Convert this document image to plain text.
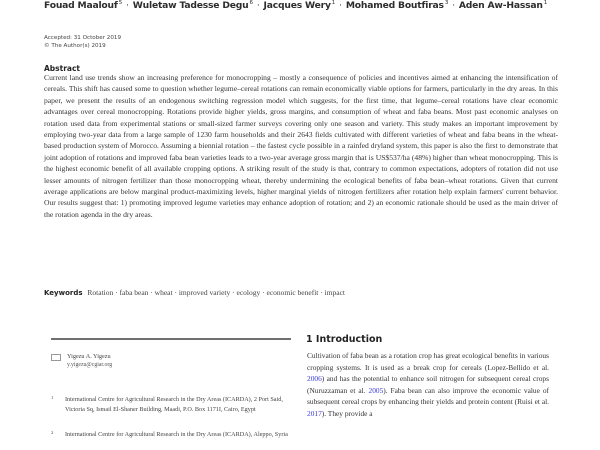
Fouad Maalouf$^5$ · Wuletaw Tadesse Degu$^6$ · Jacques Wery$^1$ · Mohamed Boutfiras$^3$ · Aden Aw-Hassan$^1$
Accepted: 31 October 2019
© The Author(s) 2019
Abstract
Current land use trends show an increasing preference for monocropping – mostly a consequence of policies and incentives aimed at enhancing the intensification of cereals. This shift has caused some to question whether legume–cereal rotations can remain economically viable options for farmers, particularly in the dry areas. In this paper, we present the results of an endogenous switching regression model which suggests, for the first time, that legume–cereal rotations have clear economic advantages over cereal monocropping. Rotations provide higher yields, gross margins, and consumption of wheat and faba beans. Most past economic analyses on rotation used data from experimental stations or small-sized farmer surveys covering only one season and variety. This study makes an important improvement by employing two-year data from a large sample of 1230 farm households and their 2643 fields cultivated with different varieties of wheat and faba beans in the wheat-based production system of Morocco. Assuming a biennial rotation – the fastest cycle possible in a rainfed dryland system, this paper is also the first to demonstrate that joint adoption of rotations and improved faba bean varieties leads to a two-year average gross margin that is US$537/ha (48%) higher than wheat monocropping. This is the highest economic benefit of all available cropping options. A striking result of the study is that, contrary to common expectations, adopters of rotation did not use lesser amounts of nitrogen fertilizer than those monocropping wheat, thereby undermining the ecological benefits of faba bean–wheat rotations. Given that current average applications are below marginal product-maximizing levels, higher marginal yields of nitrogen fertilizers after rotation help explain farmers' current behavior. Our results suggest that: 1) promoting improved legume varieties may enhance adoption of rotation; and 2) an economic rationale should be used as the main driver of the rotation agenda in the dry areas.
Keywords Rotation · faba bean · wheat · improved variety · ecology · economic benefit · impact
Yigezu A. Yigezu
y.yigezu@cgiar.org
1 International Centre for Agricultural Research in the Dry Areas (ICARDA), 2 Port Said, Victoria Sq, Ismail El-Shaner Building, Maadi, P.O. Box 1171I, Cairo, Egypt
2 International Centre for Agricultural Research in the Dry Areas (ICARDA), Aleppo, Syria
1 Introduction
Cultivation of faba bean as a rotation crop has great ecological benefits in various cropping systems. It is used as a break crop for cereals (Lopez-Bellido et al. 2006) and has the potential to enhance soil nitrogen for subsequent cereal crops (Nuruzzaman et al. 2005). Faba bean can also improve the economic value of subsequent cereal crops by enhancing their yields and protein content (Ruisi et al. 2017). They provide a
